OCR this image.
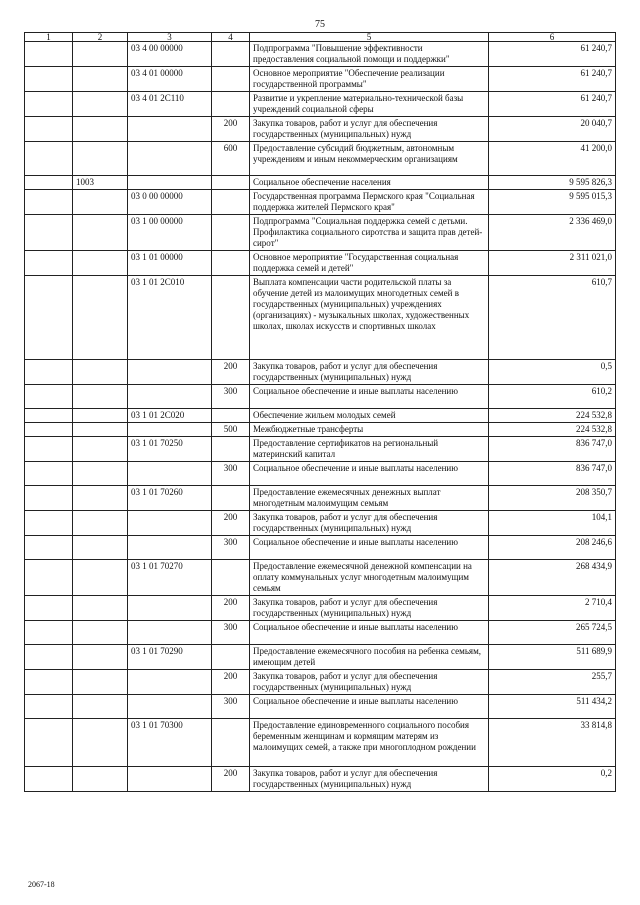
75
1	2	3	4	5	6
		03 4 00 00000		Подпрограмма "Повышение эффективности предоставления социальной помощи и поддержки"	61 240,7
		03 4 01 00000		Основное мероприятие "Обеспечение реализации государственной программы"	61 240,7
		03 4 01 2С110		Развитие и укрепление материально-технической базы учреждений социальной сферы	61 240,7
			200	Закупка товаров, работ и услуг для обеспечения государственных (муниципальных) нужд	20 040,7
			600	Предоставление субсидий бюджетным, автономным учреждениям и иным некоммерческим организациям	41 200,0
	1003			Социальное обеспечение населения	9 595 826,3
		03 0 00 00000		Государственная программа Пермского края "Социальная поддержка жителей Пермского края"	9 595 015,3
		03 1 00 00000		Подпрограмма "Социальная поддержка семей с детьми. Профилактика социального сиротства и защита прав детей-сирот"	2 336 469,0
		03 1 01 00000		Основное мероприятие "Государственная социальная поддержка семей и детей"	2 311 021,0
		03 1 01 2С010		Выплата компенсации части родительской платы за обучение детей из малоимущих многодетных семей в государственных (муниципальных) учреждениях (организациях) - музыкальных школах, художественных школах, школах искусств и спортивных школах	610,7
			200	Закупка товаров, работ и услуг для обеспечения государственных (муниципальных) нужд	0,5
			300	Социальное обеспечение и иные выплаты населению	610,2
		03 1 01 2С020		Обеспечение жильем молодых семей	224 532,8
			500	Межбюджетные трансферты	224 532,8
		03 1 01 70250		Предоставление сертификатов на региональный материнский капитал	836 747,0
			300	Социальное обеспечение и иные выплаты населению	836 747,0
		03 1 01 70260		Предоставление ежемесячных денежных выплат многодетным малоимущим семьям	208 350,7
			200	Закупка товаров, работ и услуг для обеспечения государственных (муниципальных) нужд	104,1
			300	Социальное обеспечение и иные выплаты населению	208 246,6
		03 1 01 70270		Предоставление ежемесячной денежной компенсации на оплату коммунальных услуг многодетным малоимущим семьям	268 434,9
			200	Закупка товаров, работ и услуг для обеспечения государственных (муниципальных) нужд	2 710,4
			300	Социальное обеспечение и иные выплаты населению	265 724,5
		03 1 01 70290		Предоставление ежемесячного пособия на ребенка семьям, имеющим детей	511 689,9
			200	Закупка товаров, работ и услуг для обеспечения государственных (муниципальных) нужд	255,7
			300	Социальное обеспечение и иные выплаты населению	511 434,2
		03 1 01 70300		Предоставление единовременного социального пособия беременным женщинам и кормящим матерям из малоимущих семей, а также при многоплодном рождении	33 814,8
			200	Закупка товаров, работ и услуг для обеспечения государственных (муниципальных) нужд	0,2
2067-18
